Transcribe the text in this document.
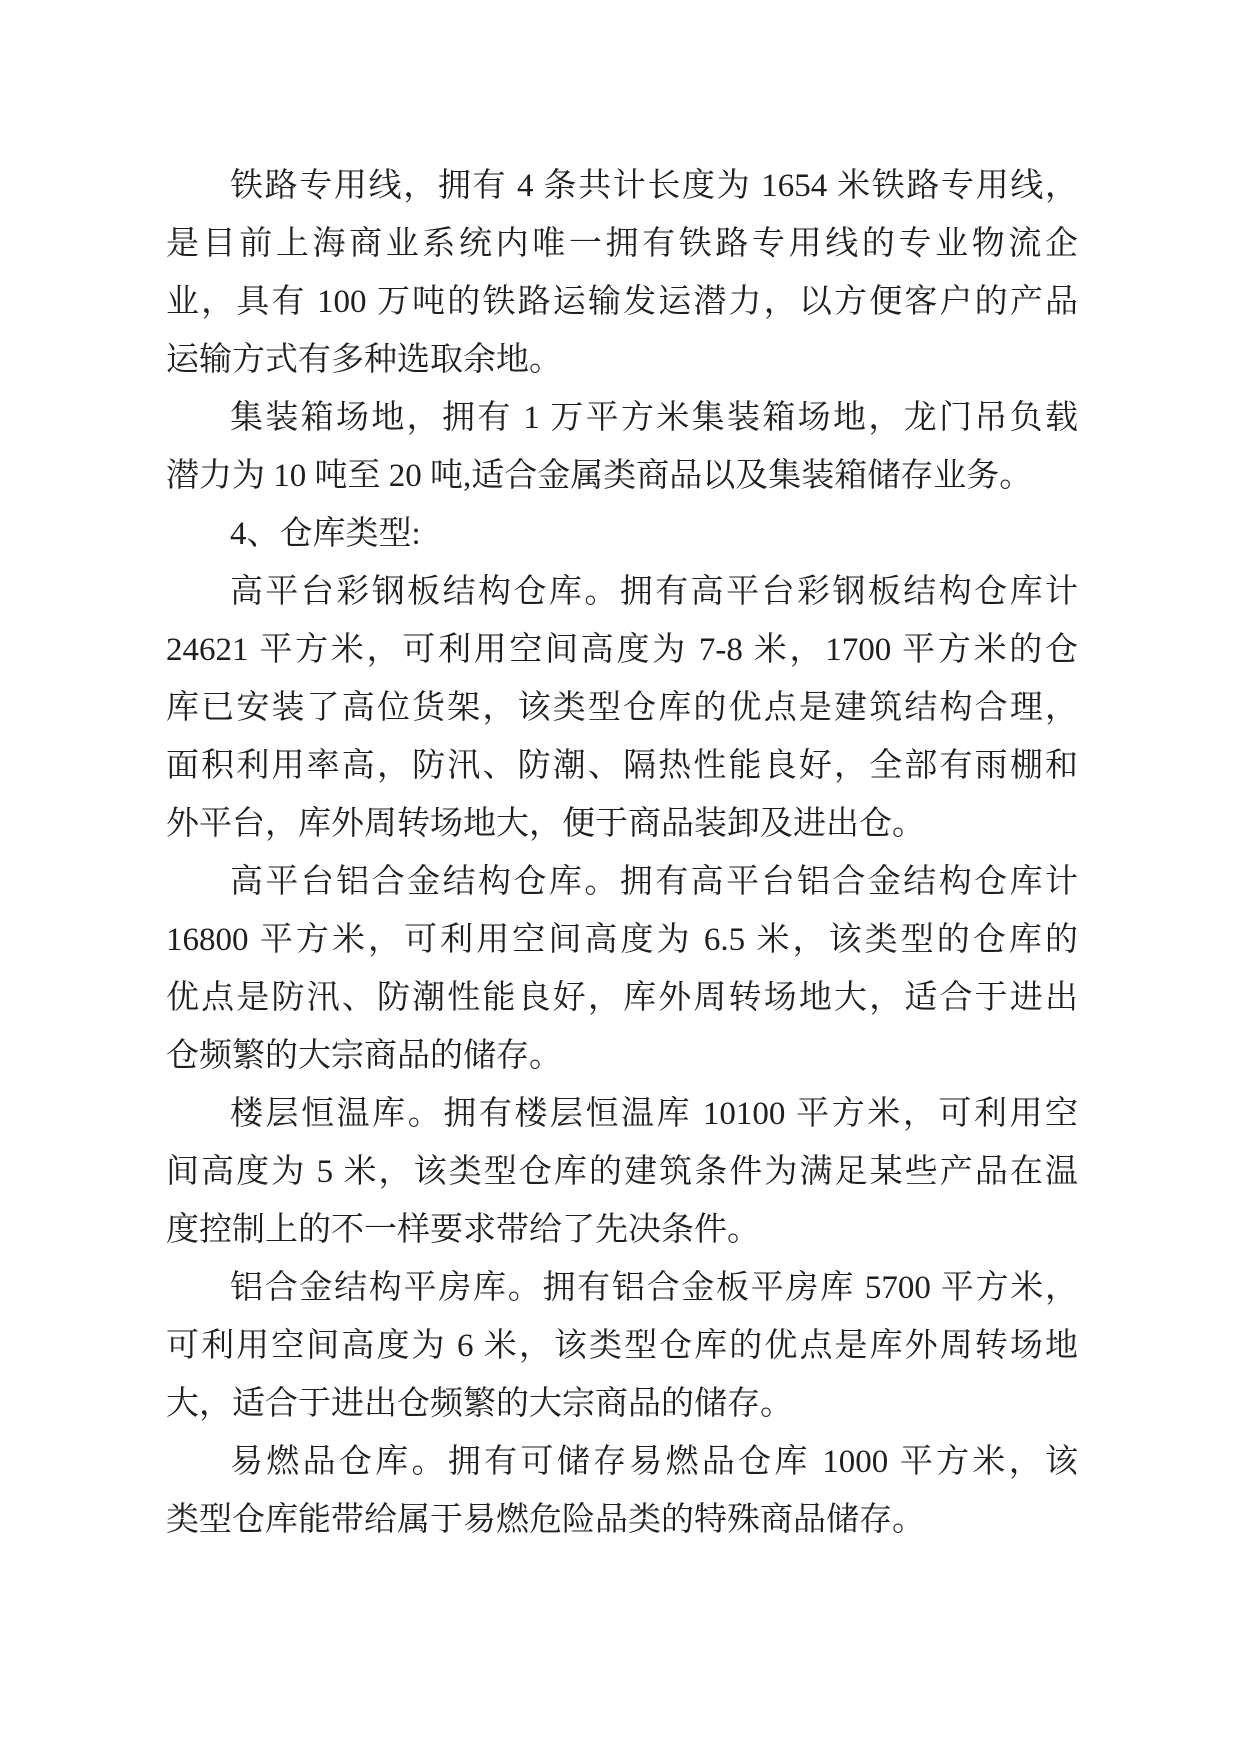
铁路专用线，拥有 4 条共计长度为 1654 米铁路专用线，
是目前上海商业系统内唯一拥有铁路专用线的专业物流企
业，具有 100 万吨的铁路运输发运潜力，以方便客户的产品
运输方式有多种选取余地。
集装箱场地，拥有 1 万平方米集装箱场地，龙门吊负载
潜力为 10 吨至 20 吨,适合金属类商品以及集装箱储存业务。
4、仓库类型:
高平台彩钢板结构仓库。拥有高平台彩钢板结构仓库计
24621 平方米，可利用空间高度为 7-8 米，1700 平方米的仓
库已安装了高位货架，该类型仓库的优点是建筑结构合理，
面积利用率高，防汛、防潮、隔热性能良好，全部有雨棚和
外平台，库外周转场地大，便于商品装卸及进出仓。
高平台铝合金结构仓库。拥有高平台铝合金结构仓库计
16800 平方米，可利用空间高度为 6.5 米，该类型的仓库的
优点是防汛、防潮性能良好，库外周转场地大，适合于进出
仓频繁的大宗商品的储存。
楼层恒温库。拥有楼层恒温库 10100 平方米，可利用空
间高度为 5 米，该类型仓库的建筑条件为满足某些产品在温
度控制上的不一样要求带给了先决条件。
铝合金结构平房库。拥有铝合金板平房库 5700 平方米，
可利用空间高度为 6 米，该类型仓库的优点是库外周转场地
大，适合于进出仓频繁的大宗商品的储存。
易燃品仓库。拥有可储存易燃品仓库 1000 平方米，该
类型仓库能带给属于易燃危险品类的特殊商品储存。
